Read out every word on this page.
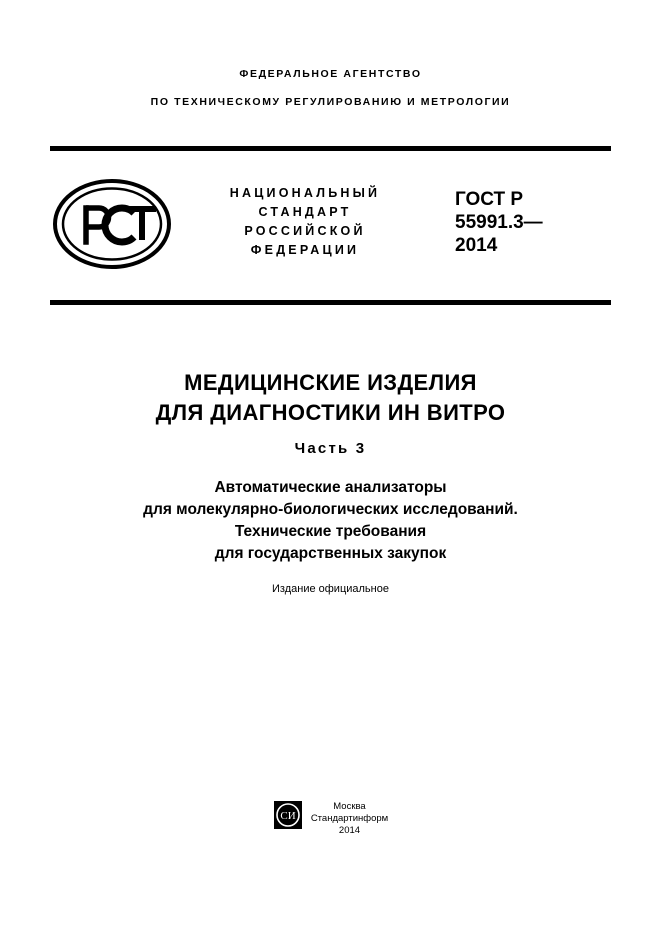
ФЕДЕРАЛЬНОЕ АГЕНТСТВО
ПО ТЕХНИЧЕСКОМУ РЕГУЛИРОВАНИЮ И МЕТРОЛОГИИ
НАЦИОНАЛЬНЫЙ
СТАНДАРТ
РОССИЙСКОЙ
ФЕДЕРАЦИИ
ГОСТ Р
55991.3—
2014
МЕДИЦИНСКИЕ ИЗДЕЛИЯ
ДЛЯ ДИАГНОСТИКИ ИН ВИТРО
Часть 3
Автоматические анализаторы
для молекулярно-биологических исследований.
Технические требования
для государственных закупок
Издание официальное
СИ
Москва
Стандартинформ
2014
